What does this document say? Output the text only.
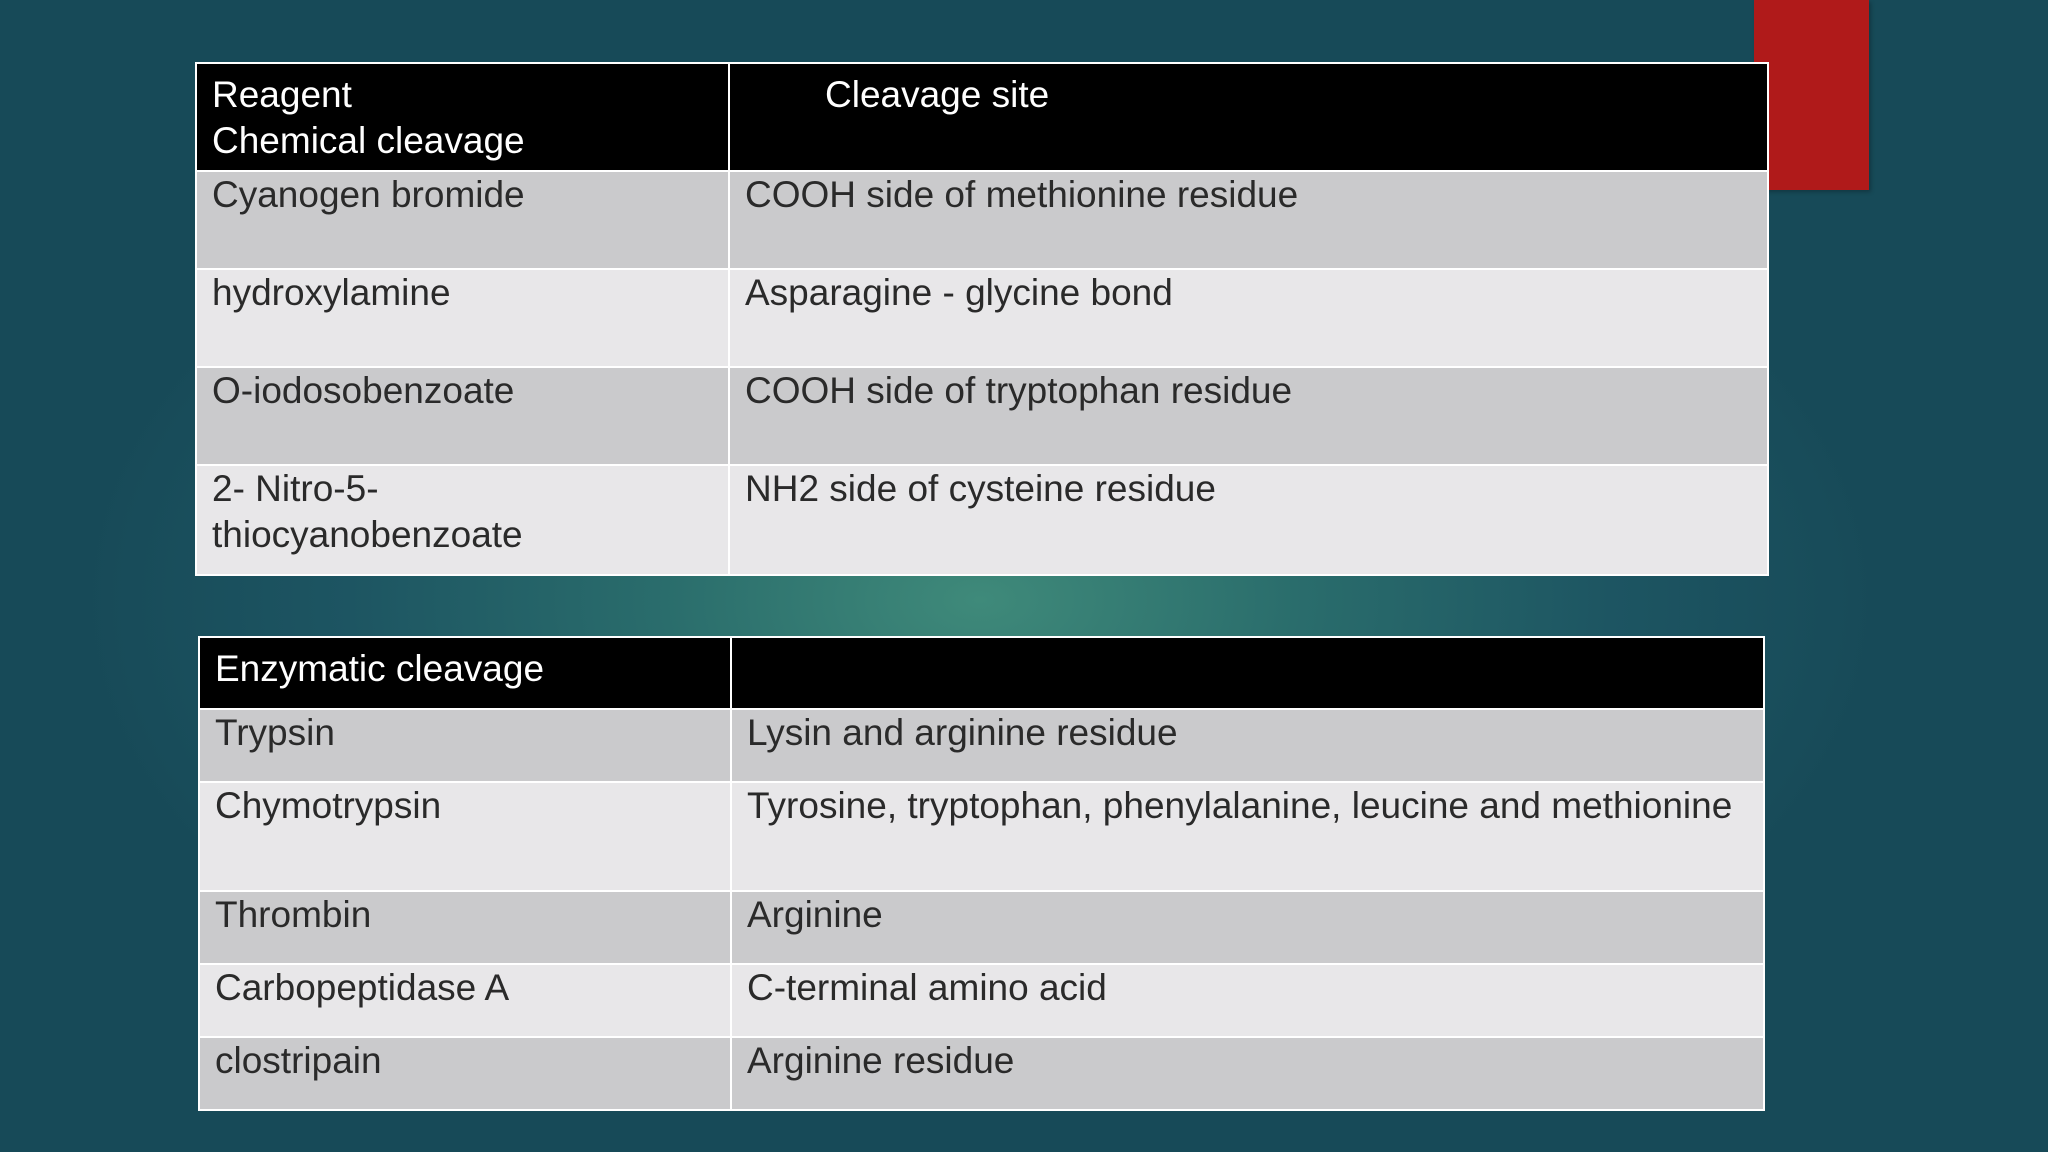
Reagent
Chemical cleavage	Cleavage site
Cyanogen bromide	COOH side of methionine residue
hydroxylamine	Asparagine - glycine bond
O-iodosobenzoate	COOH side of tryptophan residue

2- Nitro-5-
thiocyanobenzoate	NH2 side of cysteine residue
Enzymatic cleavage	
Trypsin	Lysin and arginine residue
Chymotrypsin	Tyrosine, tryptophan, phenylalanine, leucine and methionine
Thrombin	Arginine
Carbopeptidase A	C-terminal amino acid
clostripain	Arginine residue
